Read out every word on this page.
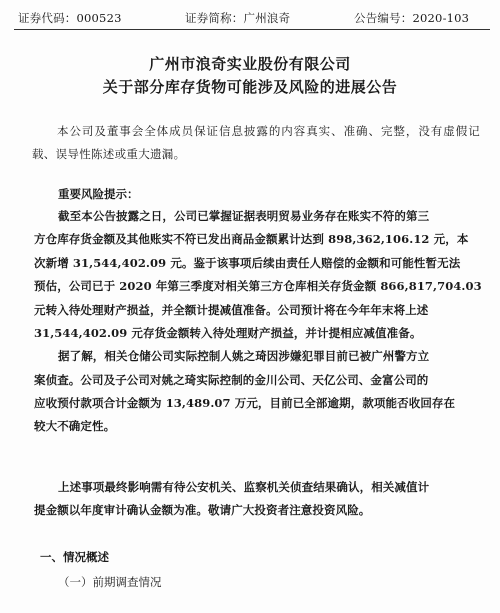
证券代码：000523	证券简称：广州浪奇	公告编号：2020-103
广州市浪奇实业股份有限公司
关于部分库存货物可能涉及风险的进展公告
本公司及董事会全体成员保证信息披露的内容真实、准确、完整，没有虚假记载、误导性陈述或重大遗漏。
重要风险提示：
截至本公告披露之日，公司已掌握证据表明贸易业务存在账实不符的第三
方仓库存货金额及其他账实不符已发出商品金额累计达到 898,362,106.12 元，本
次新增 31,544,402.09 元。鉴于该事项后续由责任人赔偿的金额和可能性暂无法
预估，公司已于 2020 年第三季度对相关第三方仓库相关存货金额 866,817,704.03
元转入待处理财产损益，并全额计提减值准备。公司预计将在今年年末将上述
31,544,402.09 元存货金额转入待处理财产损益，并计提相应减值准备。
据了解，相关仓储公司实际控制人姚之琦因涉嫌犯罪目前已被广州警方立
案侦查。公司及子公司对姚之琦实际控制的金川公司、天亿公司、金富公司的
应收预付款项合计金额为 13,489.07 万元，目前已全部逾期，款项能否收回存在
较大不确定性。
上述事项最终影响需有待公安机关、监察机关侦查结果确认，相关减值计
提金额以年度审计确认金额为准。敬请广大投资者注意投资风险。
一、情况概述
（一）前期调查情况
